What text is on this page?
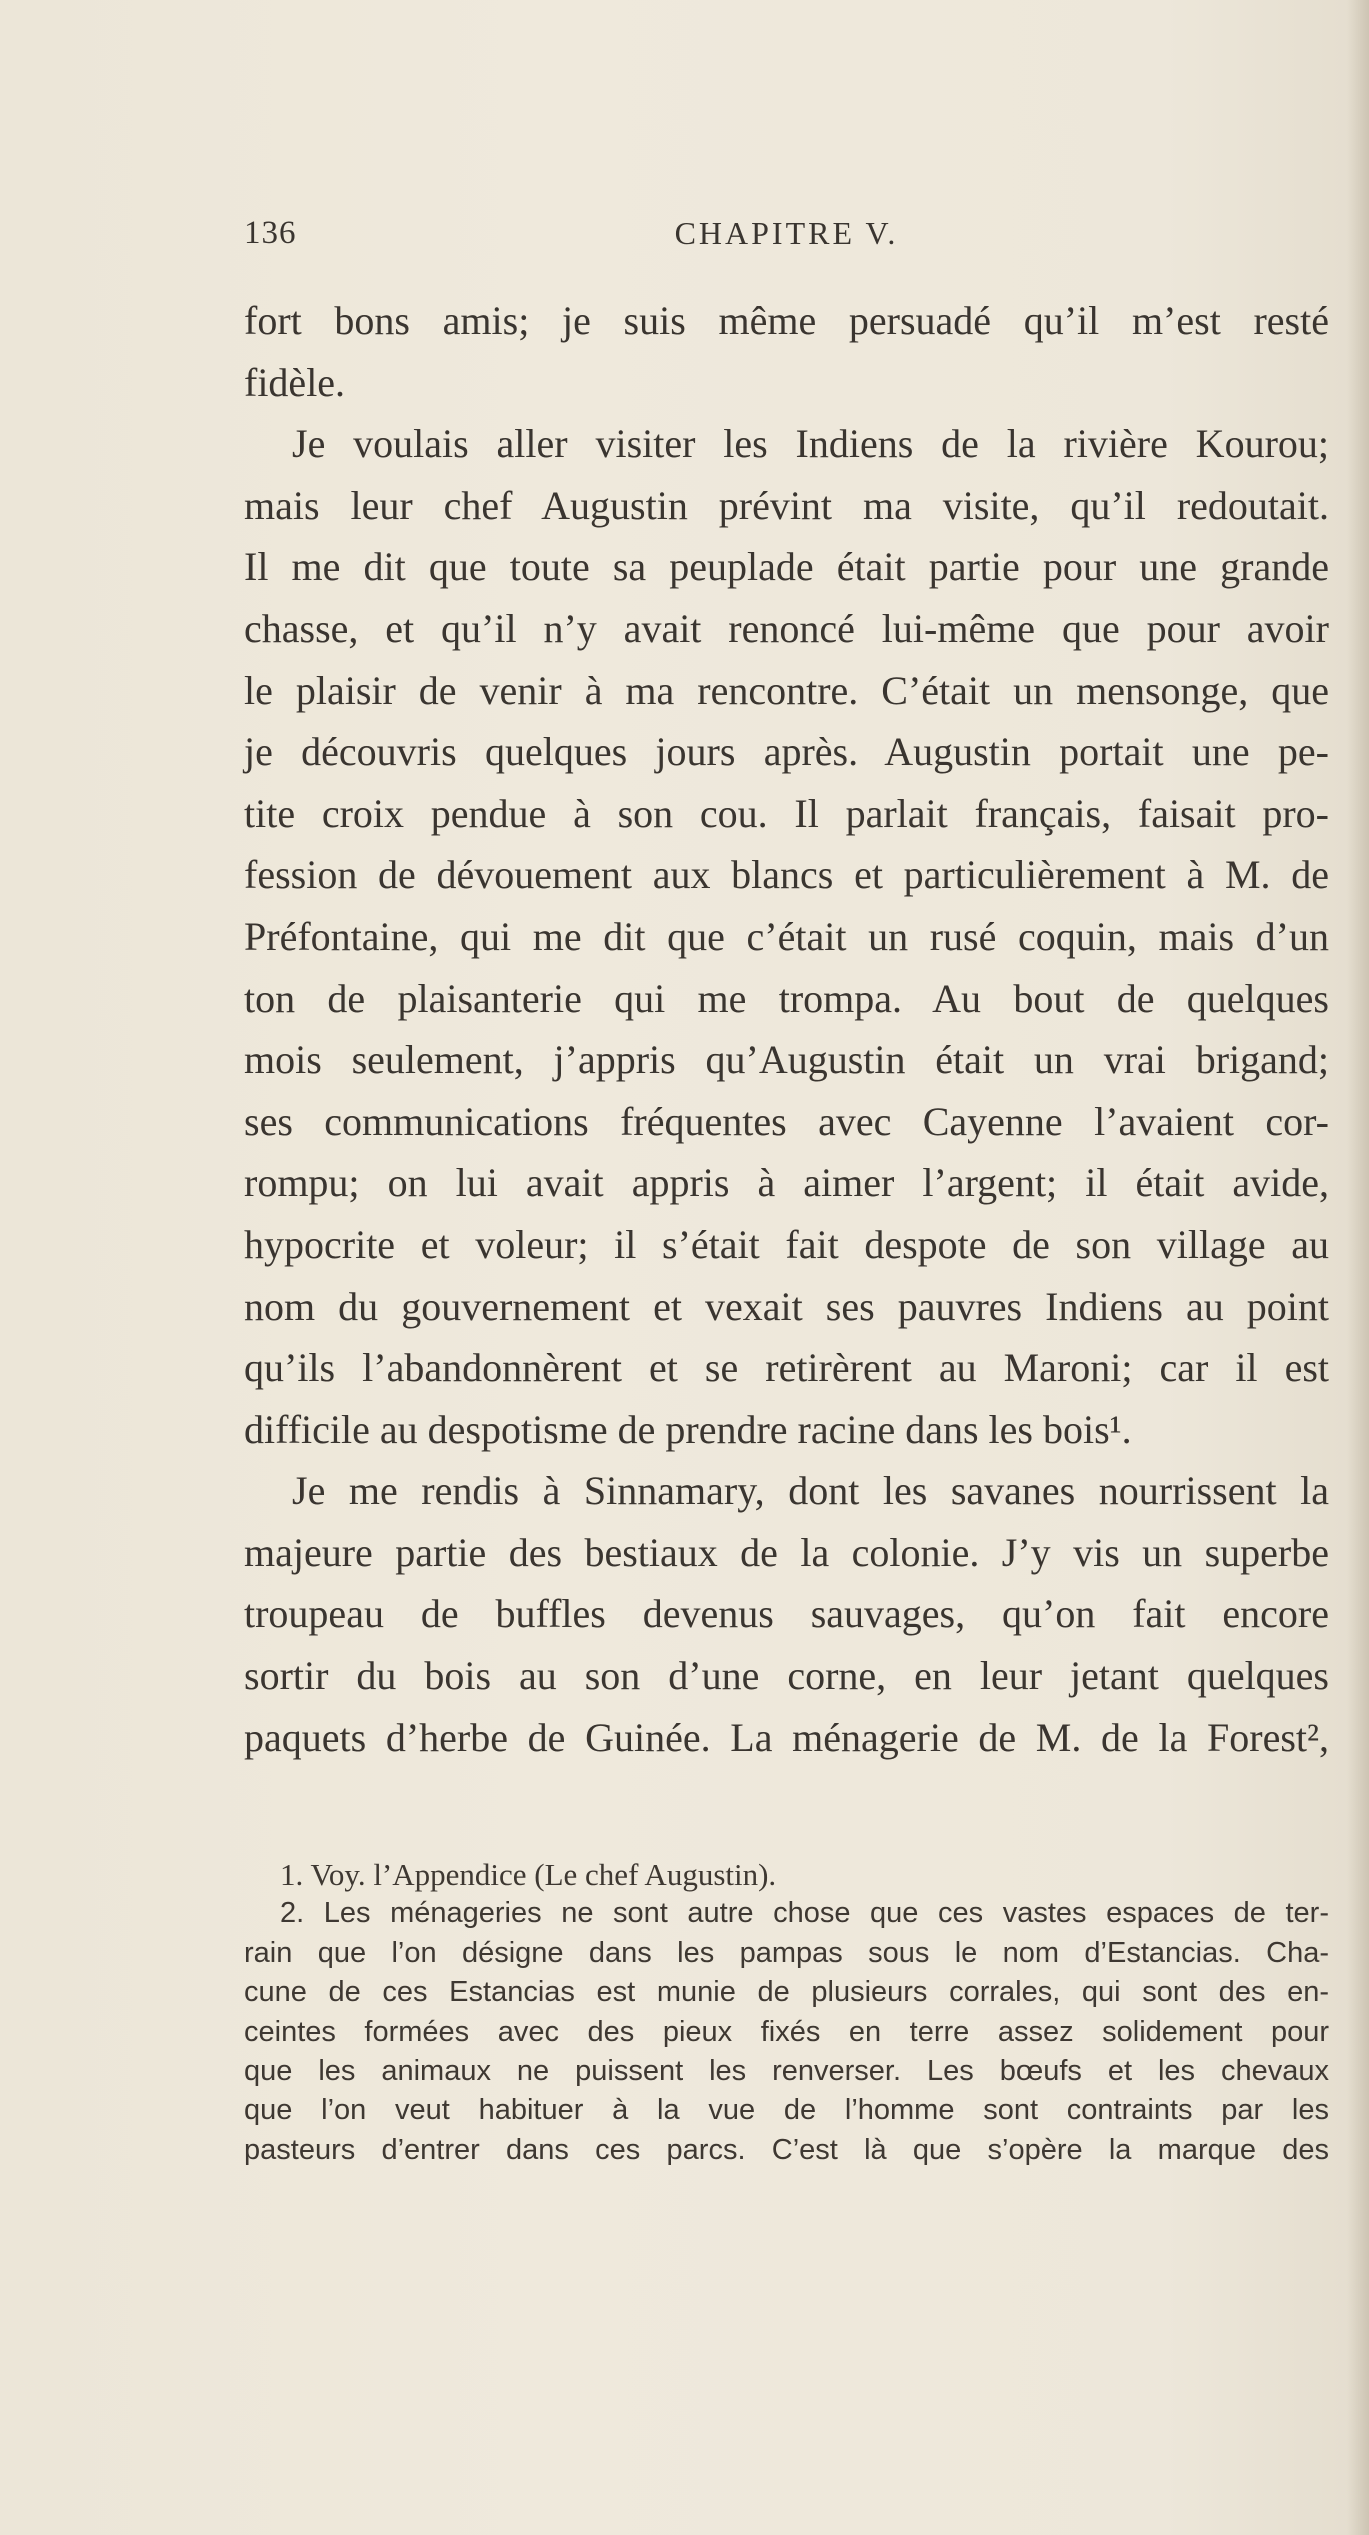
136	CHAPITRE V.
fort bons amis; je suis même persuadé qu’il m’est resté
fidèle.
Je voulais aller visiter les Indiens de la rivière Kourou;
mais leur chef Augustin prévint ma visite, qu’il redoutait.
Il me dit que toute sa peuplade était partie pour une grande
chasse, et qu’il n’y avait renoncé lui-même que pour avoir
le plaisir de venir à ma rencontre. C’était un mensonge, que
je découvris quelques jours après. Augustin portait une pe-
tite croix pendue à son cou. Il parlait français, faisait pro-
fession de dévouement aux blancs et particulièrement à M. de
Préfontaine, qui me dit que c’était un rusé coquin, mais d’un
ton de plaisanterie qui me trompa. Au bout de quelques
mois seulement, j’appris qu’Augustin était un vrai brigand;
ses communications fréquentes avec Cayenne l’avaient cor-
rompu; on lui avait appris à aimer l’argent; il était avide,
hypocrite et voleur; il s’était fait despote de son village au
nom du gouvernement et vexait ses pauvres Indiens au point
qu’ils l’abandonnèrent et se retirèrent au Maroni; car il est
difficile au despotisme de prendre racine dans les bois¹.
Je me rendis à Sinnamary, dont les savanes nourrissent la
majeure partie des bestiaux de la colonie. J’y vis un superbe
troupeau de buffles devenus sauvages, qu’on fait encore
sortir du bois au son d’une corne, en leur jetant quelques
paquets d’herbe de Guinée. La ménagerie de M. de la Forest²,
1. Voy. l’Appendice (Le chef Augustin).
2. Les ménageries ne sont autre chose que ces vastes espaces de ter-
rain que l’on désigne dans les pampas sous le nom d’Estancias. Cha-
cune de ces Estancias est munie de plusieurs corrales, qui sont des en-
ceintes formées avec des pieux fixés en terre assez solidement pour
que les animaux ne puissent les renverser. Les bœufs et les chevaux
que l’on veut habituer à la vue de l’homme sont contraints par les
pasteurs d’entrer dans ces parcs. C’est là que s’opère la marque des
